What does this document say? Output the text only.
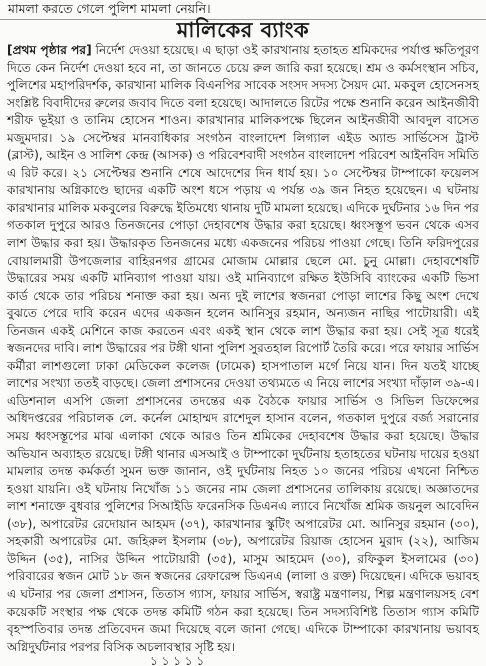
মামলা করতে গেলে পুলিশ মামলা নেয়নি।
মালিকের ব্যাংক

[প্রথম পৃষ্ঠার পর] নির্দেশ দেওয়া হয়েছে। এ ছাড়া ওই কারখানায় হতাহত শ্রমিকদের পর্যাপ্ত ক্ষতিপূরণ দিতে কেন নির্দেশ দেওয়া হবে না, তা জানতে চেয়ে রুল জারি করা হয়েছে। শ্রম ও কর্মসংস্থান সচিব, পুলিশের মহাপরিদর্শক, কারখানা মালিক বিএনপির সাবেক সংসদ সদস্য সৈয়দ মো. মকবুল হোসেনসহ সংশ্লিষ্ট বিবাদীদের রুলের জবাব দিতে বলা হয়েছে। আদালতে রিটের পক্ষে শুনানি করেন আইনজীবী শরীফ ভূইয়া ও তানিম হোসেন শাওন। কারখানার মালিকপক্ষে ছিলেন আইনজীবী আবদুল বাসেত মজুমদার। ১৯ সেপ্টেম্বর মানবাধিকার সংগঠন বাংলাদেশ লিগ্যাল এইড অ্যান্ড সার্ভিসেস ট্রাস্ট (ব্লাস্ট), আইন ও সালিশ কেন্দ্র (আসক) ও পরিবেশবাদী সংগঠন বাংলাদেশ পরিবেশ আইনবিদ সমিতি এ রিট করে। ২১ সেপ্টেম্বর শুনানি শেষে আদেশের দিন ধার্য হয়। ১০ সেপ্টেম্বর টাম্পাকো ফয়েলস কারখানায় অগ্নিকাণ্ডে ছাদের একটি অংশ ধসে পড়ায় এ পর্যন্ত ৩৯ জন নিহত হয়েছেন। এ ঘটনায় কারখানার মালিক মকবুলের বিরুদ্ধে ইতিমধ্যে থানায় দুটি মামলা হয়েছে। এদিকে দুর্ঘটনার ১৬ দিন পর গতকাল দুপুরে আরও তিনজনের পোড়া দেহাবশেষ উদ্ধার করা হয়েছে। ধ্বংসস্তূপ ভবন থেকে এসব লাশ উদ্ধার করা হয়। উদ্ধারকৃত তিনজনের মধ্যে একজনের পরিচয় পাওয়া গেছে। তিনি ফরিদপুরের বোয়ালমারী উপজেলার বাহিরনগর গ্রামের মোজাম মোল্লার ছেলে মো. চুনু মোল্লা। দেহাবশেষটি উদ্ধারের সময় একটি মানিব্যাগ পাওয়া যায়। ওই মানিব্যাগে রক্ষিত ইউসিবি ব্যাংকের একটি ভিসা কার্ড থেকে তার পরিচয় শনাক্ত করা হয়। অন্য দুই লাশের স্বজনরা পোড়া লাশের কিছু অংশ দেখে বুঝতে পেরে দাবি করেন এদের একজন হলেন আনিসুর রহমান, অন্যজন নাছির পাটোয়ারী। এই তিনজন একই মেশিনে কাজ করতেন এবং একই স্থান থেকে লাশ উদ্ধার করা হয়। সেই সূত্র ধরেই স্বজনদের দাবি। লাশ উদ্ধারের পর টঙ্গী থানা পুলিশ সুরতহাল রিপোর্ট তৈরি করে। পরে ফায়ার সার্ভিস কর্মীরা লাশগুলো ঢাকা মেডিকেল কলেজ (ঢামেক) হাসপাতাল মর্গে নিয়ে যান। দিন যতই যাচ্ছে লাশের সংখ্যা ততই বাড়ছে। জেলা প্রশাসনের দেওয়া তথ্যমতে এ নিয়ে লাশের সংখ্যা দাঁড়াল ৩৯-এ। এডিশনাল এসপি জেলা প্রশাসনের তদন্তের এক বৈঠকে ফায়ার সার্ভিস ও সিভিল ডিফেন্সের অধিদপ্তরের পরিচালক লে. কর্নেল মোহাম্মদ রাশেদুল হাসান বলেন, গতকাল দুপুরে বর্জ্য সরানোর সময় ধ্বংসস্তূপের মাঝ এলাকা থেকে আরও তিন শ্রমিকের দেহাবশেষ উদ্ধার করা হয়েছে। উদ্ধার অভিযান অব্যাহত রয়েছে। টঙ্গী থানার এসআই ও টাম্পাকো দুর্ঘটনায় হতাহতের ঘটনায় দায়ের হওয়া মামলার তদন্ত কর্মকর্তা সুমন ভক্ত জানান, ওই দুর্ঘটনায় নিহত ১০ জনের পরিচয় এখনো নিশ্চিত হওয়া যায়নি। ওই ঘটনায় নিখোঁজ ১১ জনের নাম জেলা প্রশাসনের তালিকায় রয়েছে। অজ্ঞাতদের লাশ শনাক্তে বুধবার পুলিশের সিআইডি ফরেনসিক ডিএনএ ল্যাবে নিখোঁজ শ্রমিক জয়নুল আবেদিন (৩৮), অপারেটর রেদোয়ান আহমদ (৩৭), কারখানার স্কুটিং অপারেটর মো. আনিসুর রহমান (৩০), সহকারী অপারেটর মো. জহিরুল ইসলাম (৩৮), অপারেটর রিয়াজ হোসেন মুরাদ (২২), আজিম উদ্দিন (৩৫), নাসির উদ্দিন পাটোয়ারী (৩৫), মাসুম আহমেদ (৩০), রফিকুল ইসলামের (৩০) পরিবারের স্বজন মোট ১৮ জন স্বজনের রেফারেন্স ডিএনএ (লালা ও রক্ত) দিয়েছেন। এদিকে ভয়াবহ এ ঘটনার পর জেলা প্রশাসন, তিতাস গ্যাস, ফায়ার সার্ভিস, স্বরাষ্ট্র মন্ত্রণালয়, শিল্প মন্ত্রণালয়সহ বেশ কয়েকটি সংস্থার পক্ষ থেকে তদন্ত কমিটি গঠন করা হয়েছে। তিন সদস্যবিশিষ্ট তিতাস গ্যাস কমিটি বৃহস্পতিবার তদন্ত প্রতিবেদন জমা দিয়েছে বলে জানা গেছে। এদিকে টাম্পাকো কারখানায় ভয়াবহ অগ্নিদুর্ঘটনার পরপর বিসিক অচলাবস্থার সৃষ্টি হয়।

১ ১ ১ ১ ১
